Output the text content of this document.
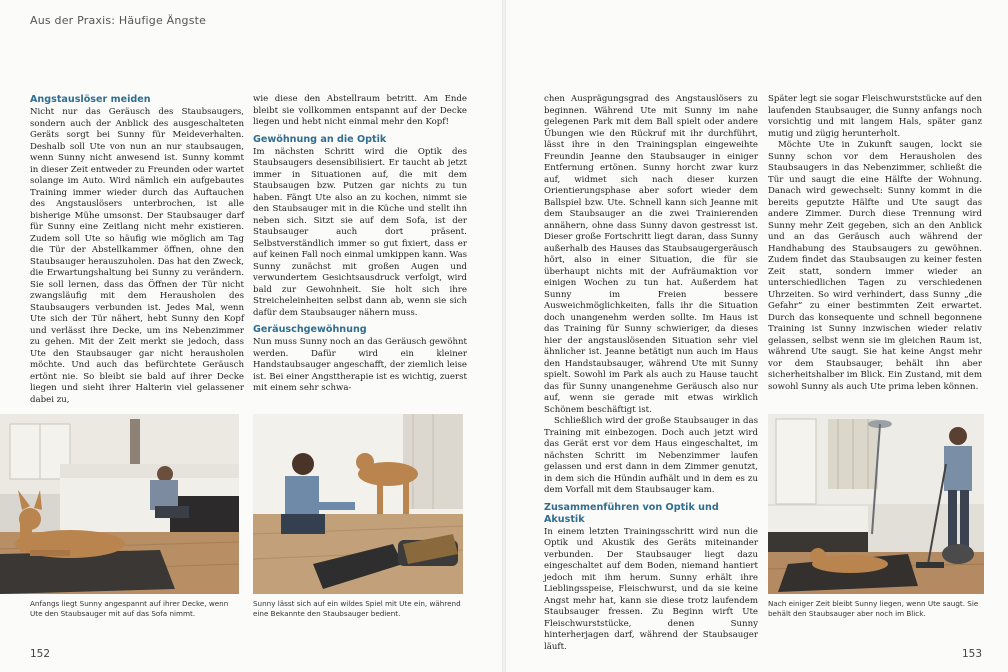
Aus der Praxis: Häufige Ängste
Angstauslöser meiden

Nicht nur das Geräusch des Staubsaugers, sondern auch der Anblick des ausgeschalteten Geräts sorgt bei Sunny für Meideverhalten. Deshalb soll Ute von nun an nur staubsaugen, wenn Sunny nicht anwesend ist. Sunny kommt in dieser Zeit entweder zu Freunden oder wartet solange im Auto. Wird nämlich ein aufgebautes Training immer wieder durch das Auftauchen des Angstauslösers unterbrochen, ist alle bisherige Mühe umsonst. Der Staubsauger darf für Sunny eine Zeitlang nicht mehr existieren. Zudem soll Ute so häufig wie möglich am Tag die Tür der Abstellkammer öffnen, ohne den Staubsauger herauszuholen. Das hat den Zweck, die Erwartungshaltung bei Sunny zu verändern. Sie soll lernen, dass das Öffnen der Tür nicht zwangsläufig mit dem Herausholen des Staubsaugers verbunden ist. Jedes Mal, wenn Ute sich der Tür nähert, hebt Sunny den Kopf und verlässt ihre Decke, um ins Nebenzimmer zu gehen. Mit der Zeit merkt sie jedoch, dass Ute den Staubsauger gar nicht herausholen möchte. Und auch das befürchtete Geräusch ertönt nie. So bleibt sie bald auf ihrer Decke liegen und sieht ihrer Halterin viel gelassener dabei zu,

wie diese den Abstellraum betritt. Am Ende bleibt sie vollkommen entspannt auf der Decke liegen und hebt nicht einmal mehr den Kopf!

Gewöhnung an die Optik

Im nächsten Schritt wird die Optik des Staubsaugers desensibilisiert. Er taucht ab jetzt immer in Situationen auf, die mit dem Staubsaugen bzw. Putzen gar nichts zu tun haben. Fängt Ute also an zu kochen, nimmt sie den Staubsauger mit in die Küche und stellt ihn neben sich. Sitzt sie auf dem Sofa, ist der Staubsauger auch dort präsent. Selbstverständlich immer so gut fixiert, dass er auf keinen Fall noch einmal umkippen kann. Was Sunny zunächst mit großen Augen und verwundertem Gesichtsausdruck verfolgt, wird bald zur Gewohnheit. Sie holt sich ihre Streicheleinheiten selbst dann ab, wenn sie sich dafür dem Staubsauger nähern muss.

Geräuschgewöhnung

Nun muss Sunny noch an das Geräusch gewöhnt werden. Dafür wird ein kleiner Handstaubsauger angeschafft, der ziemlich leise ist. Bei einer Angsttherapie ist es wichtig, zuerst mit einem sehr schwa-

Anfangs liegt Sunny angespannt auf ihrer Decke, wenn Ute den Staubsauger mit auf das Sofa nimmt.
Sunny lässt sich auf ein wildes Spiel mit Ute ein, während eine Bekannte den Staubsauger bedient.
152

chen Ausprägungsgrad des Angstauslösers zu beginnen. Während Ute mit Sunny im nahe gelegenen Park mit dem Ball spielt oder andere Übungen wie den Rückruf mit ihr durchführt, lässt ihre in den Trainingsplan eingeweihte Freundin Jeanne den Staubsauger in einiger Entfernung ertönen. Sunny horcht zwar kurz auf, widmet sich nach dieser kurzen Orientierungsphase aber sofort wieder dem Ballspiel bzw. Ute. Schnell kann sich Jeanne mit dem Staubsauger an die zwei Trainierenden annähern, ohne dass Sunny davon gestresst ist. Dieser große Fortschritt liegt daran, dass Sunny außerhalb des Hauses das Staubsaugergeräusch hört, also in einer Situation, die für sie überhaupt nichts mit der Aufräumaktion vor einigen Wochen zu tun hat. Außerdem hat Sunny im Freien bessere Ausweichmöglichkeiten, falls ihr die Situation doch unangenehm werden sollte. Im Haus ist das Training für Sunny schwieriger, da dieses hier der angstauslösenden Situation sehr viel ähnlicher ist. Jeanne betätigt nun auch im Haus den Handstaubsauger, während Ute mit Sunny spielt. Sowohl im Park als auch zu Hause taucht das für Sunny unangenehme Geräusch also nur auf, wenn sie gerade mit etwas wirklich Schönem beschäftigt ist.

Schließlich wird der große Staubsauger in das Training mit einbezogen. Doch auch jetzt wird das Gerät erst vor dem Haus eingeschaltet, im nächsten Schritt im Nebenzimmer laufen gelassen und erst dann in dem Zimmer genutzt, in dem sich die Hündin aufhält und in dem es zu dem Vorfall mit dem Staubsauger kam.

Zusammenführen von Optik und Akustik

In einem letzten Trainingsschritt wird nun die Optik und Akustik des Geräts miteinander verbunden. Der Staubsauger liegt dazu eingeschaltet auf dem Boden, niemand hantiert jedoch mit ihm herum. Sunny erhält ihre Lieblingsspeise, Fleischwurst, und da sie keine Angst mehr hat, kann sie diese trotz laufendem Staubsauger fressen. Zu Beginn wirft Ute Fleischwurststücke, denen Sunny hinterherjagen darf, während der Staubsauger läuft.

Später legt sie sogar Fleischwurststücke auf den laufenden Staubsauger, die Sunny anfangs noch vorsichtig und mit langem Hals, später ganz mutig und zügig herunterholt.

Möchte Ute in Zukunft saugen, lockt sie Sunny schon vor dem Herausholen des Staubsaugers in das Nebenzimmer, schließt die Tür und saugt die eine Hälfte der Wohnung. Danach wird gewechselt: Sunny kommt in die bereits geputzte Hälfte und Ute saugt das andere Zimmer. Durch diese Trennung wird Sunny mehr Zeit gegeben, sich an den Anblick und an das Geräusch auch während der Handhabung des Staubsaugers zu gewöhnen. Zudem findet das Staubsaugen zu keiner festen Zeit statt, sondern immer wieder an unterschiedlichen Tagen zu verschiedenen Uhrzeiten. So wird verhindert, dass Sunny „die Gefahr“ zu einer bestimmten Zeit erwartet. Durch das konsequente und schnell begonnene Training ist Sunny inzwischen wieder relativ gelassen, selbst wenn sie im gleichen Raum ist, während Ute saugt. Sie hat keine Angst mehr vor dem Staubsauger, behält ihn aber sicherheitshalber im Blick. Ein Zustand, mit dem sowohl Sunny als auch Ute prima leben können.

Nach einiger Zeit bleibt Sunny liegen, wenn Ute saugt. Sie behält den Staubsauger aber noch im Blick.
153
